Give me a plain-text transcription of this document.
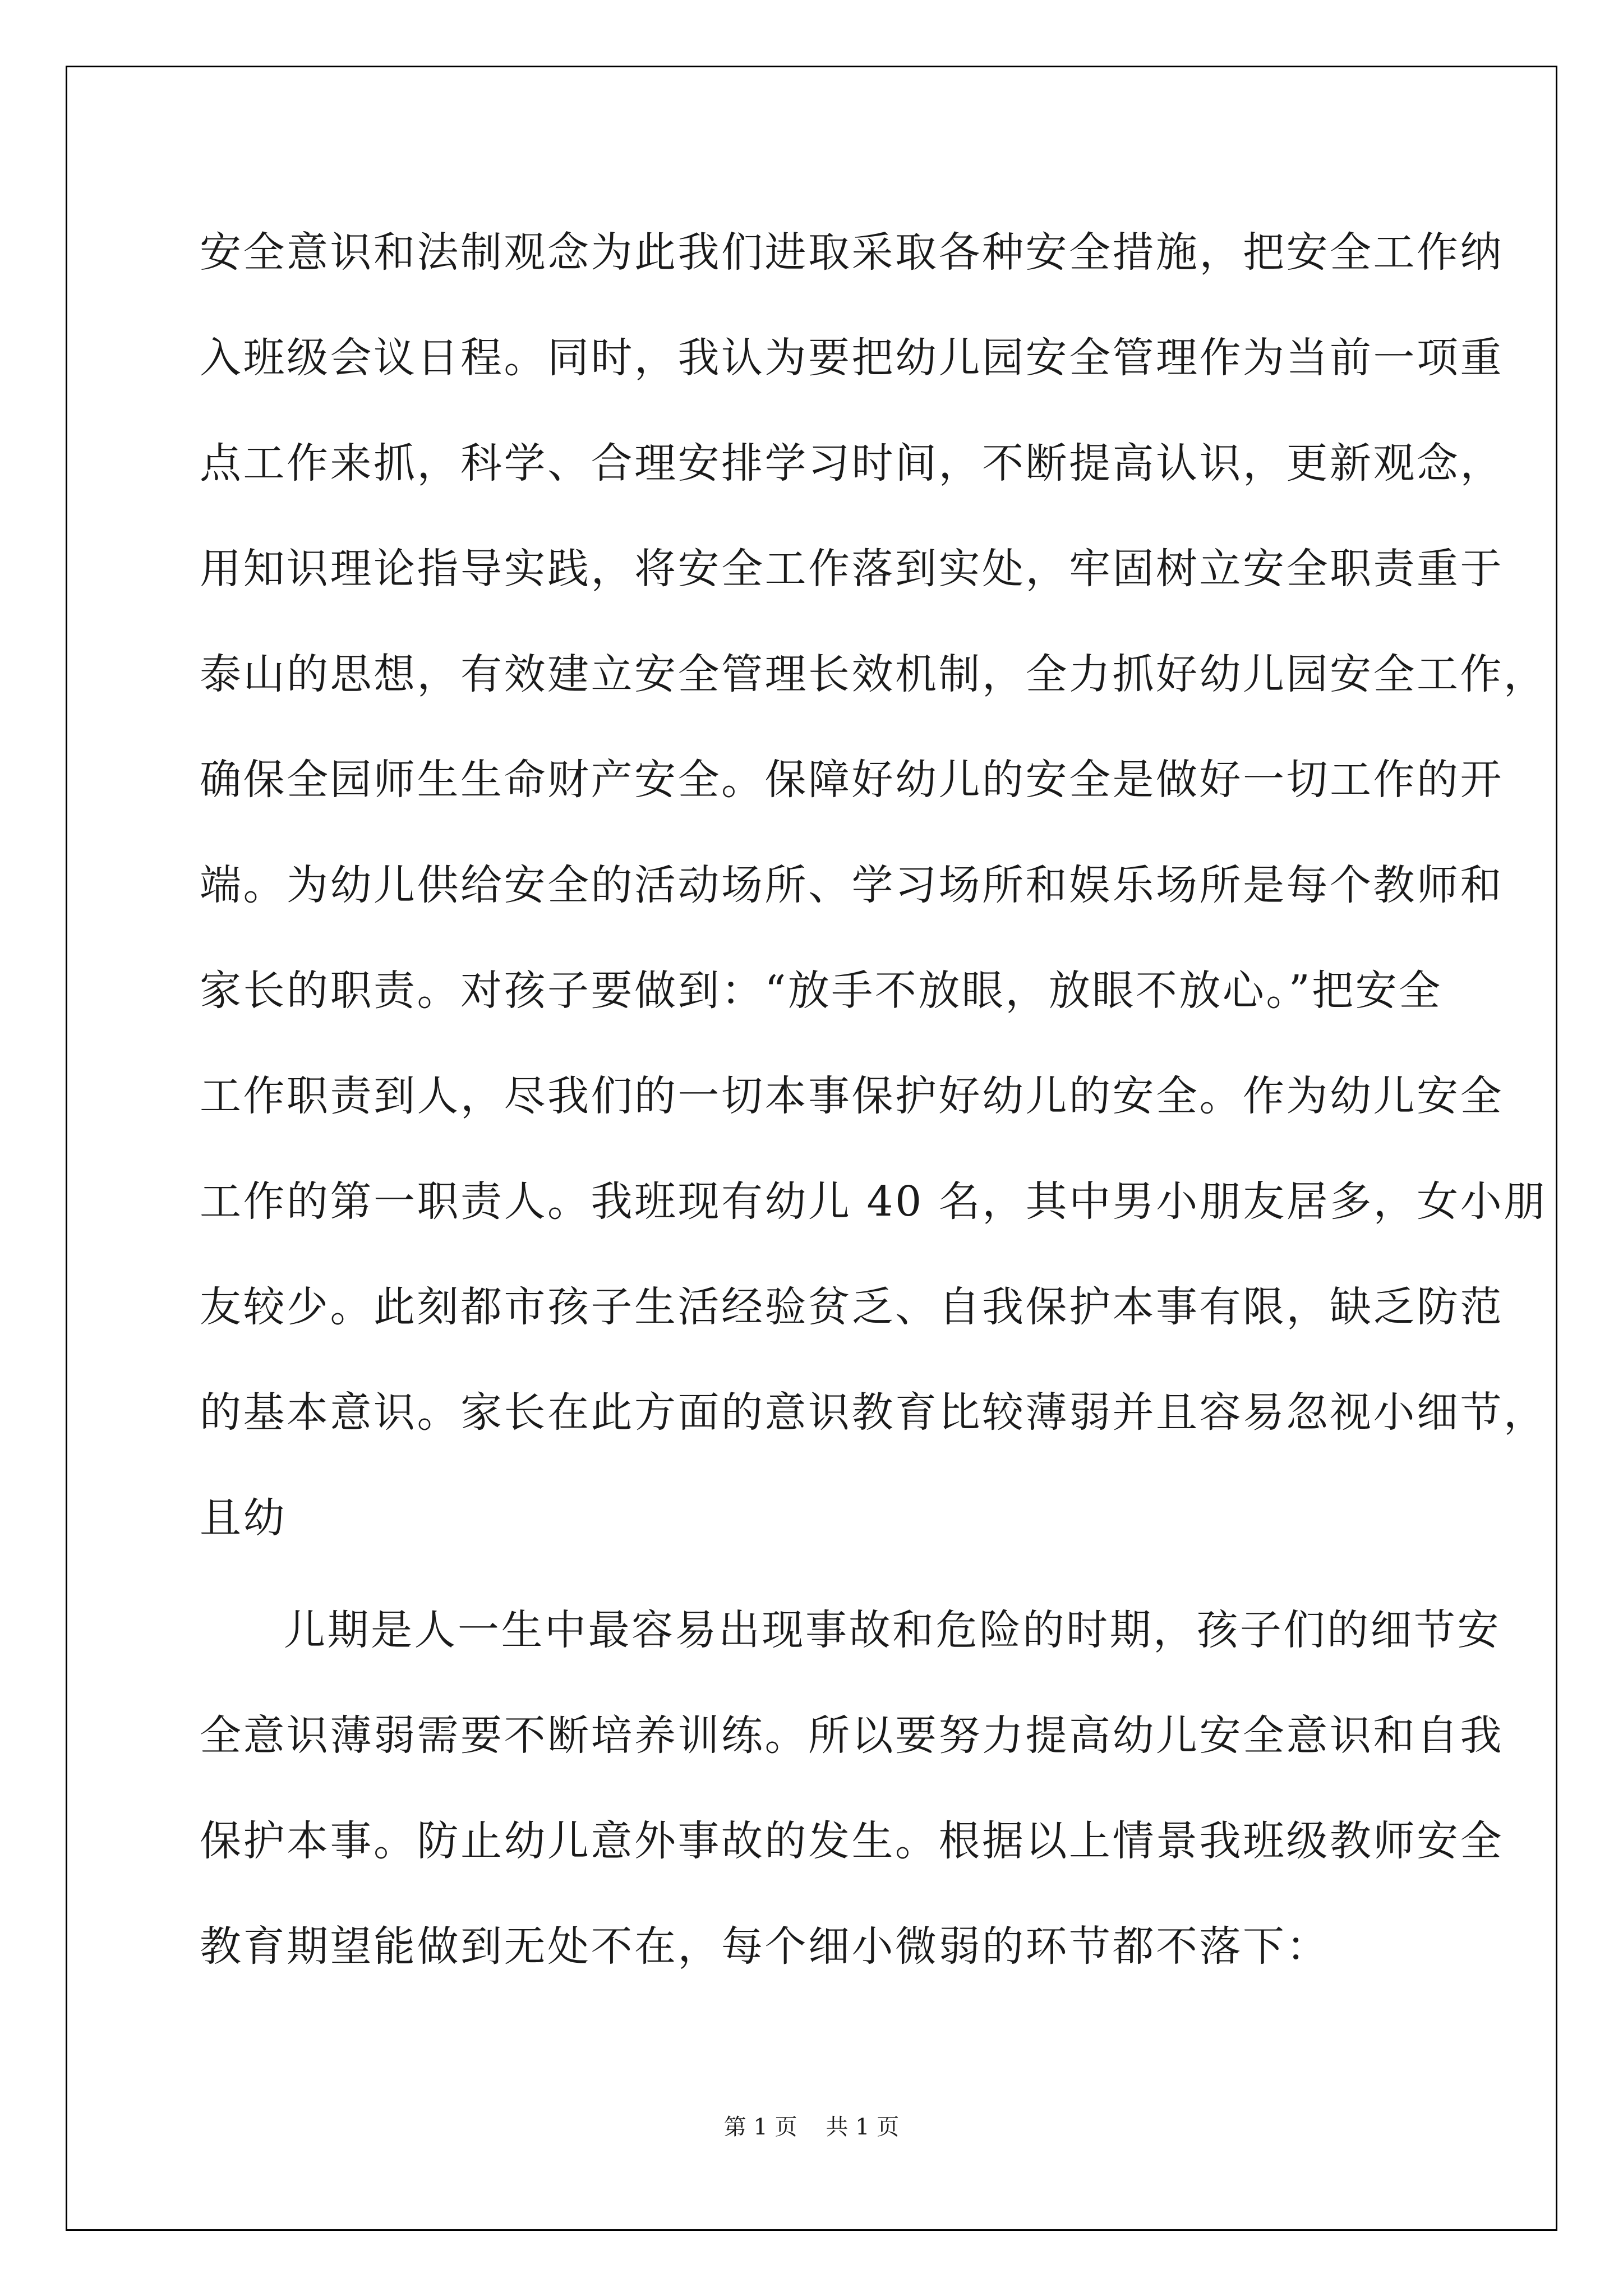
安全意识和法制观念为此我们进取采取各种安全措施，把安全工作纳
入班级会议日程。同时，我认为要把幼儿园安全管理作为当前一项重
点工作来抓，科学、合理安排学习时间，不断提高认识，更新观念，
用知识理论指导实践，将安全工作落到实处，牢固树立安全职责重于
泰山的思想，有效建立安全管理长效机制，全力抓好幼儿园安全工作，
确保全园师生生命财产安全。保障好幼儿的安全是做好一切工作的开
端。为幼儿供给安全的活动场所、学习场所和娱乐场所是每个教师和
家长的职责。对孩子要做到：“放手不放眼，放眼不放心。”把安全
工作职责到人，尽我们的一切本事保护好幼儿的安全。作为幼儿安全
工作的第一职责人。我班现有幼儿 40 名，其中男小朋友居多，女小朋
友较少。此刻都市孩子生活经验贫乏、自我保护本事有限，缺乏防范
的基本意识。家长在此方面的意识教育比较薄弱并且容易忽视小细节，
且幼
儿期是人一生中最容易出现事故和危险的时期，孩子们的细节安
全意识薄弱需要不断培养训练。所以要努力提高幼儿安全意识和自我
保护本事。防止幼儿意外事故的发生。根据以上情景我班级教师安全
教育期望能做到无处不在，每个细小微弱的环节都不落下：
第 1 页    共 1 页
